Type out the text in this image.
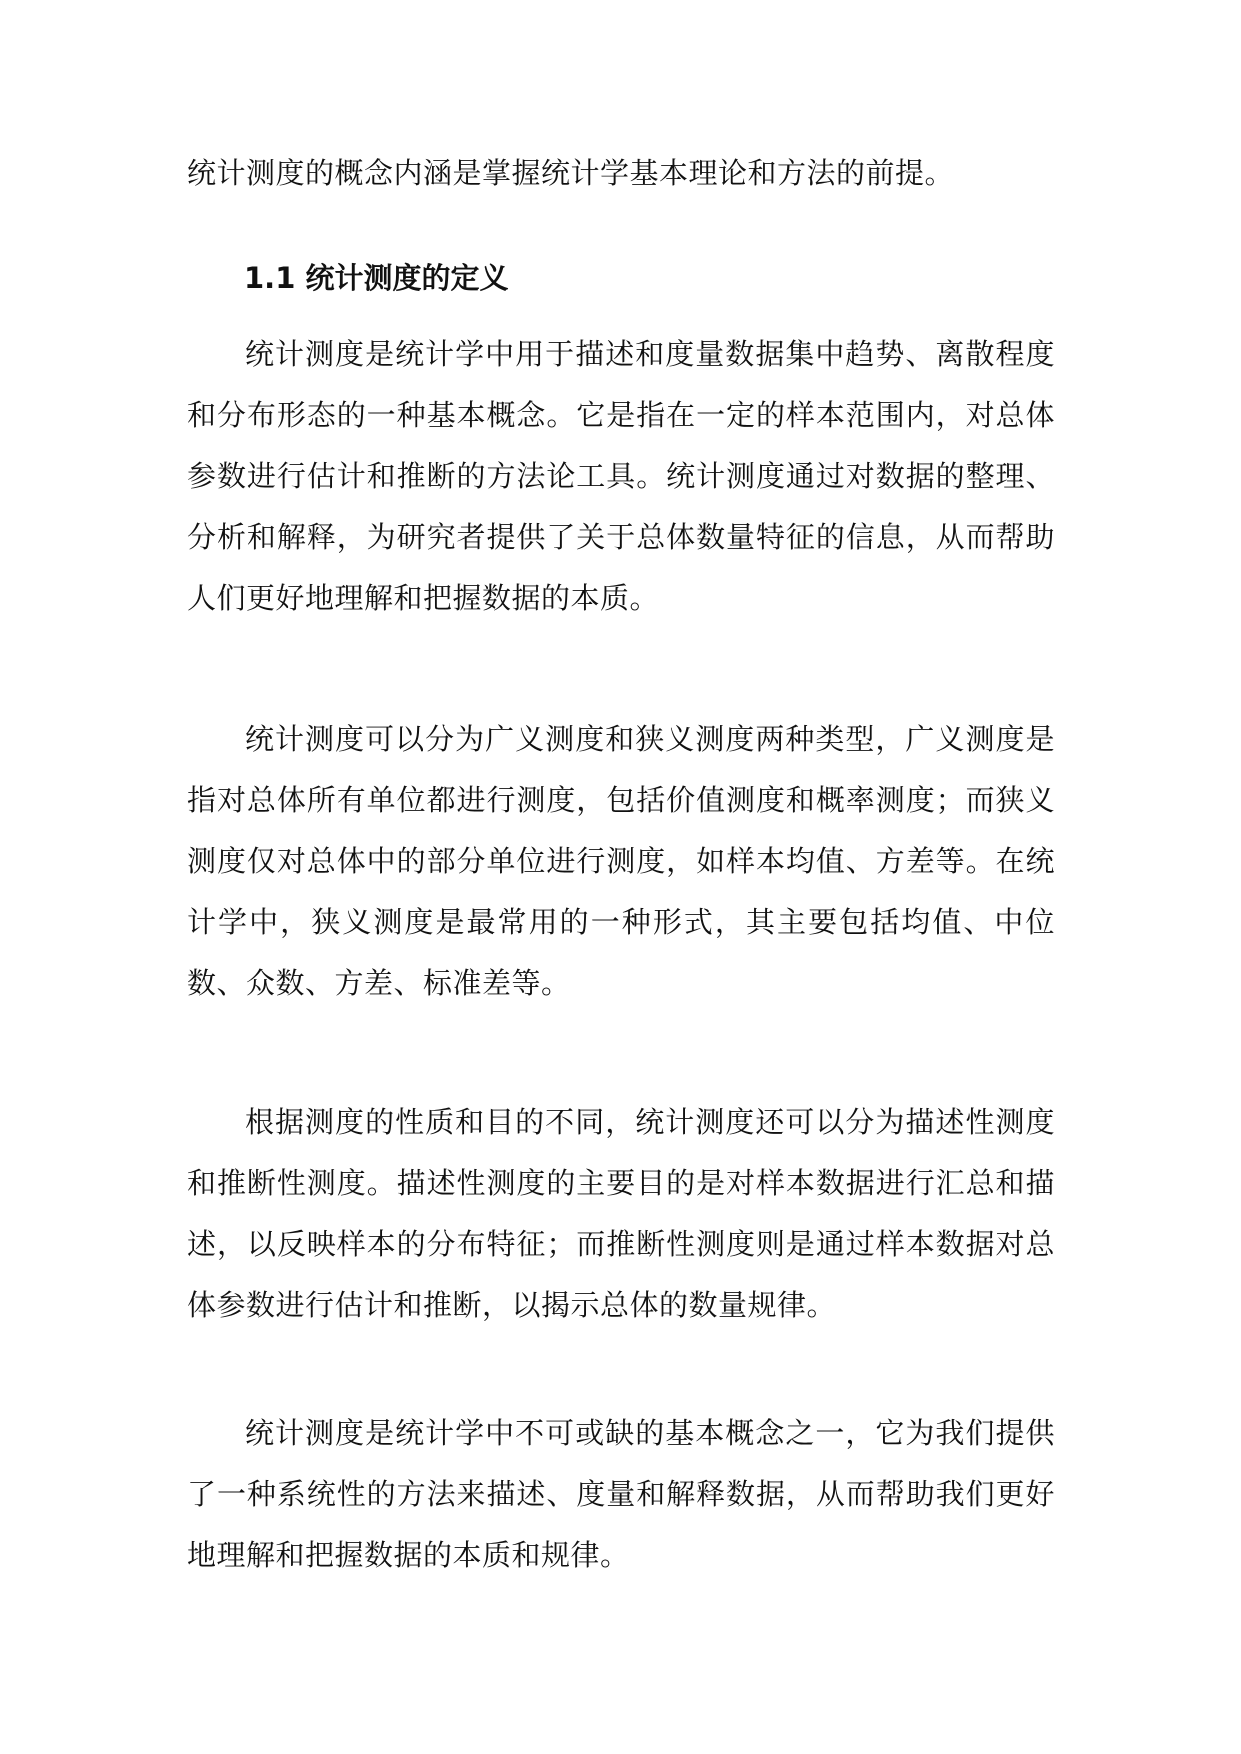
统计测度的概念内涵是掌握统计学基本理论和方法的前提。

1.1 统计测度的定义

统计测度是统计学中用于描述和度量数据集中趋势、离散程度和分布形态的一种基本概念。它是指在一定的样本范围内，对总体参数进行估计和推断的方法论工具。统计测度通过对数据的整理、分析和解释，为研究者提供了关于总体数量特征的信息，从而帮助人们更好地理解和把握数据的本质。

统计测度可以分为广义测度和狭义测度两种类型，广义测度是指对总体所有单位都进行测度，包括价值测度和概率测度；而狭义测度仅对总体中的部分单位进行测度，如样本均值、方差等。在统计学中，狭义测度是最常用的一种形式，其主要包括均值、中位数、众数、方差、标准差等。

根据测度的性质和目的不同，统计测度还可以分为描述性测度和推断性测度。描述性测度的主要目的是对样本数据进行汇总和描述，以反映样本的分布特征；而推断性测度则是通过样本数据对总体参数进行估计和推断，以揭示总体的数量规律。

统计测度是统计学中不可或缺的基本概念之一，它为我们提供了一种系统性的方法来描述、度量和解释数据，从而帮助我们更好地理解和把握数据的本质和规律。
